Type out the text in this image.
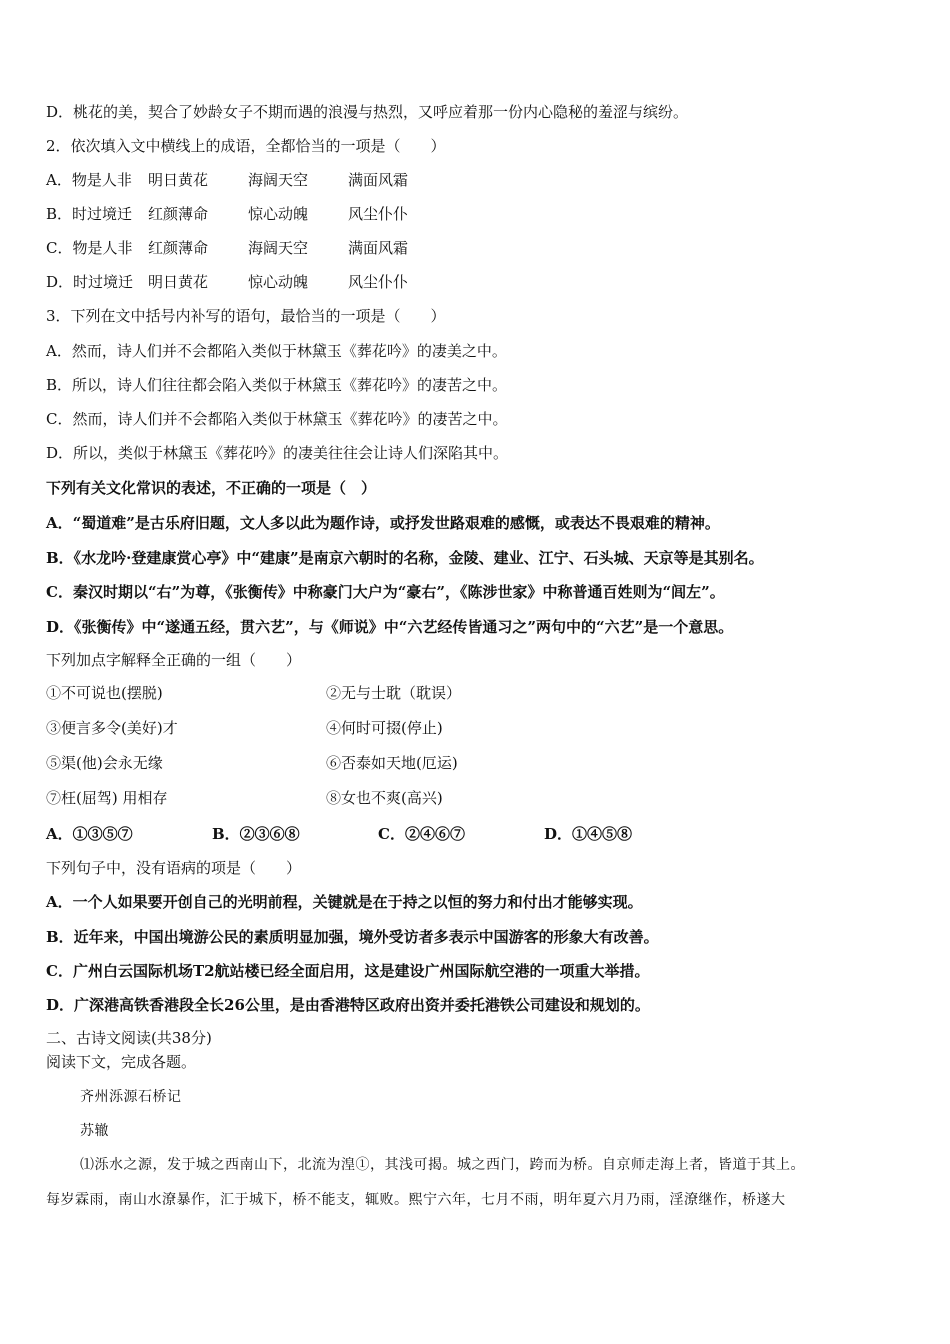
D．桃花的美，契合了妙龄女子不期而遇的浪漫与热烈，又呼应着那一份内心隐秘的羞涩与缤纷。
2．依次填入文中横线上的成语，全都恰当的一项是（　　）
A．物是人非 明日黄花	海阔天空	满面风霜
B．时过境迁 红颜薄命	惊心动魄	风尘仆仆
C．物是人非 红颜薄命	海阔天空	满面风霜
D．时过境迁 明日黄花	惊心动魄	风尘仆仆
3．下列在文中括号内补写的语句，最恰当的一项是（　　）
A．然而，诗人们并不会都陷入类似于林黛玉《葬花吟》的凄美之中。
B．所以，诗人们往往都会陷入类似于林黛玉《葬花吟》的凄苦之中。
C．然而，诗人们并不会都陷入类似于林黛玉《葬花吟》的凄苦之中。
D．所以，类似于林黛玉《葬花吟》的凄美往往会让诗人们深陷其中。
下列有关文化常识的表述，不正确的一项是（　）
A．“蜀道难”是古乐府旧题，文人多以此为题作诗，或抒发世路艰难的感慨，或表达不畏艰难的精神。
B．《水龙吟·登建康赏心亭》中“建康”是南京六朝时的名称，金陵、建业、江宁、石头城、天京等是其别名。
C．秦汉时期以“右”为尊，《张衡传》中称豪门大户为“豪右”，《陈涉世家》中称普通百姓则为“闾左”。
D．《张衡传》中“遂通五经，贯六艺”，与《师说》中“六艺经传皆通习之”两句中的“六艺”是一个意思。
下列加点字解释全正确的一组（　　）
①不可说也(摆脱)	②无与士耽（耽误）
③便言多令(美好)才	④何时可掇(停止)
⑤渠(他)会永无缘	⑥否泰如天地(厄运)
⑦枉(屈驾) 用相存	⑧女也不爽(高兴)
A．①③⑤⑦	B．②③⑥⑧	C．②④⑥⑦	D．①④⑤⑧
下列句子中，没有语病的项是（　　）
A．一个人如果要开创自己的光明前程，关键就是在于持之以恒的努力和付出才能够实现。
B．近年来，中国出境游公民的素质明显加强，境外受访者多表示中国游客的形象大有改善。
C．广州白云国际机场T2航站楼已经全面启用，这是建设广州国际航空港的一项重大举措。
D．广深港高铁香港段全长26公里，是由香港特区政府出资并委托港铁公司建设和规划的。
二、古诗文阅读(共38分)
阅读下文，完成各题。
齐州泺源石桥记
苏辙
⑴泺水之源，发于城之西南山下，北流为湟①，其浅可揭。城之西门，跨而为桥。自京师走海上者，皆道于其上。
每岁霖雨，南山水潦暴作，汇于城下，桥不能支，辄败。熙宁六年，七月不雨，明年夏六月乃雨，淫潦继作，桥遂大
